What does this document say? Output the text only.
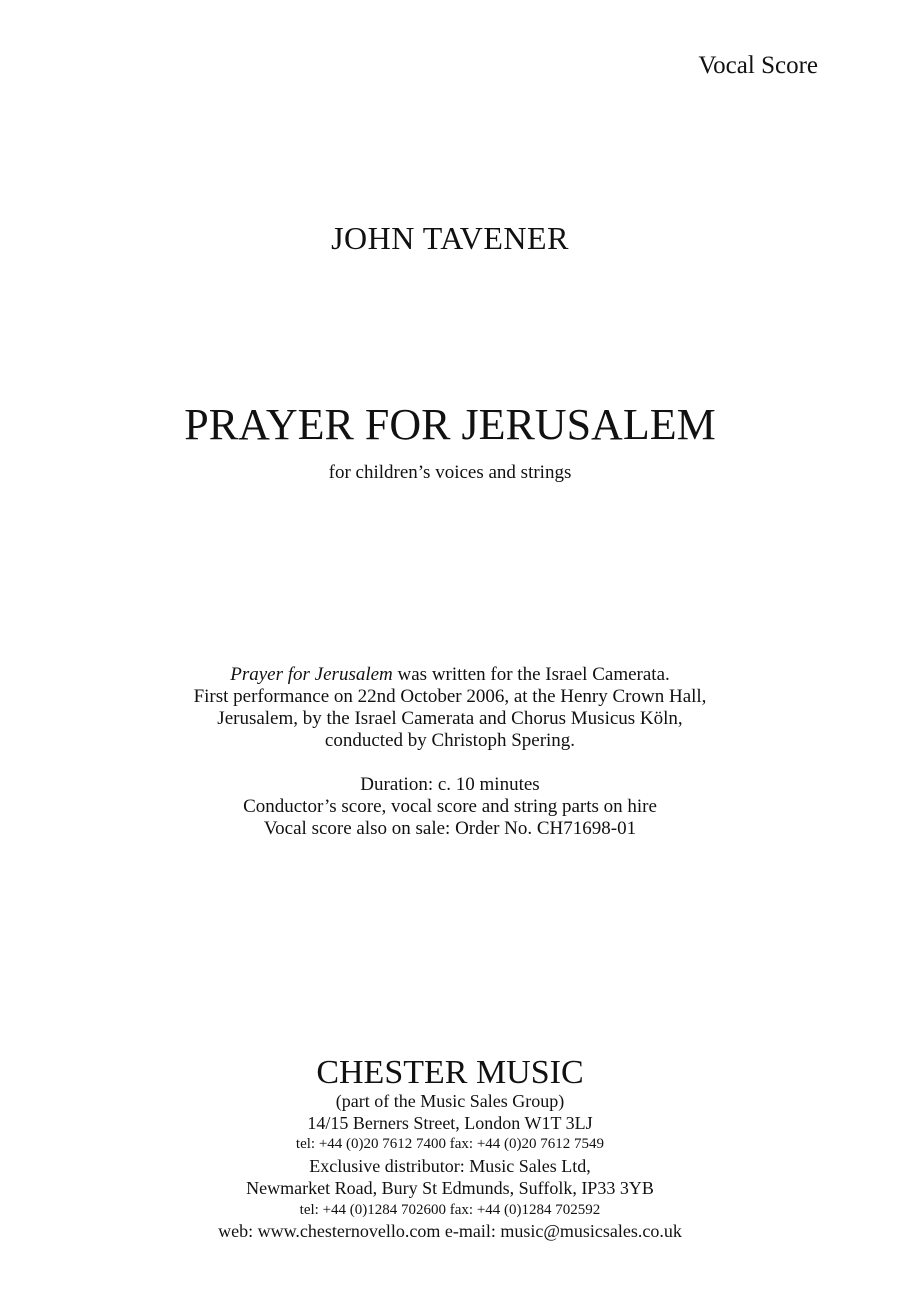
Vocal Score
JOHN TAVENER
PRAYER FOR JERUSALEM
for children’s voices and strings

Prayer for Jerusalem was written for the Israel Camerata.

First performance on 22nd October 2006, at the Henry Crown Hall,

Jerusalem, by the Israel Camerata and Chorus Musicus Köln,

conducted by Christoph Spering.

Duration: c. 10 minutes

Conductor’s score, vocal score and string parts on hire

Vocal score also on sale: Order No. CH71698-01

CHESTER MUSIC

(part of the Music Sales Group)

14/15 Berners Street, London W1T 3LJ

tel: +44 (0)20 7612 7400 fax: +44 (0)20 7612 7549

Exclusive distributor: Music Sales Ltd,

Newmarket Road, Bury St Edmunds, Suffolk, IP33 3YB

tel: +44 (0)1284 702600 fax: +44 (0)1284 702592

web: www.chesternovello.com e-mail: music@musicsales.co.uk
